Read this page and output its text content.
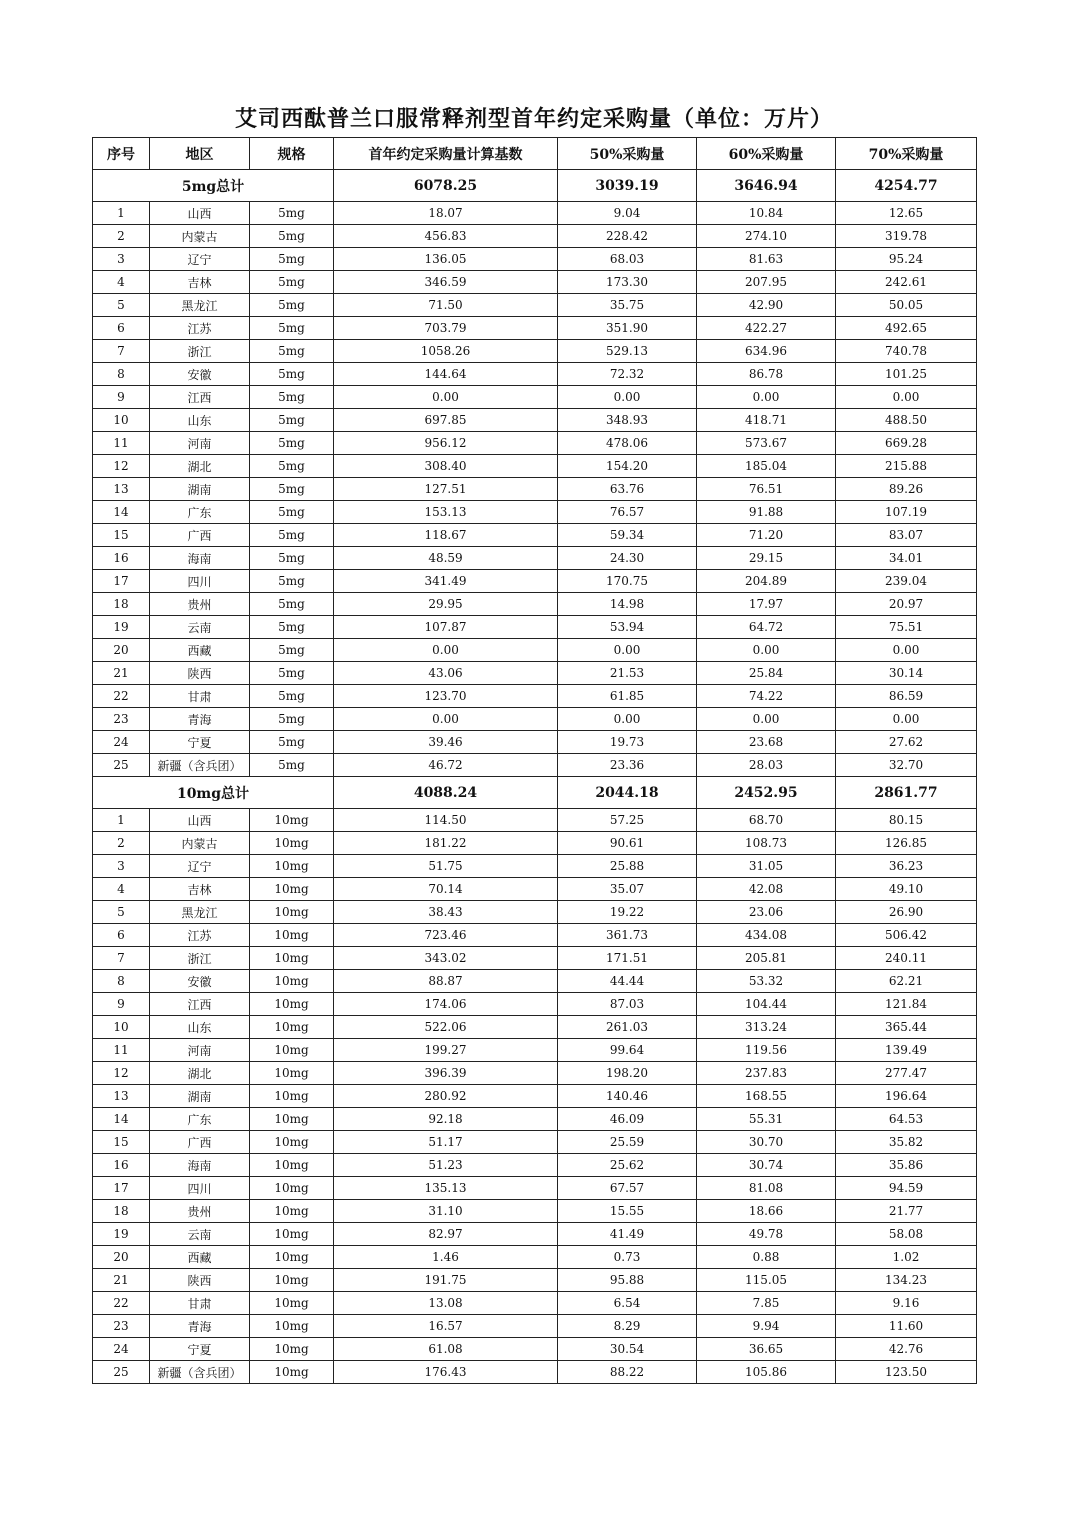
艾司西酞普兰口服常释剂型首年约定采购量（单位：万片）
序号	地区	规格	首年约定采购量计算基数	50%采购量	60%采购量	70%采购量
5mg总计			6078.25	3039.19	3646.94	4254.77
1	山西	5mg	18.07	9.04	10.84	12.65
2	内蒙古	5mg	456.83	228.42	274.10	319.78
3	辽宁	5mg	136.05	68.03	81.63	95.24
4	吉林	5mg	346.59	173.30	207.95	242.61
5	黑龙江	5mg	71.50	35.75	42.90	50.05
6	江苏	5mg	703.79	351.90	422.27	492.65
7	浙江	5mg	1058.26	529.13	634.96	740.78
8	安徽	5mg	144.64	72.32	86.78	101.25
9	江西	5mg	0.00	0.00	0.00	0.00
10	山东	5mg	697.85	348.93	418.71	488.50
11	河南	5mg	956.12	478.06	573.67	669.28
12	湖北	5mg	308.40	154.20	185.04	215.88
13	湖南	5mg	127.51	63.76	76.51	89.26
14	广东	5mg	153.13	76.57	91.88	107.19
15	广西	5mg	118.67	59.34	71.20	83.07
16	海南	5mg	48.59	24.30	29.15	34.01
17	四川	5mg	341.49	170.75	204.89	239.04
18	贵州	5mg	29.95	14.98	17.97	20.97
19	云南	5mg	107.87	53.94	64.72	75.51
20	西藏	5mg	0.00	0.00	0.00	0.00
21	陕西	5mg	43.06	21.53	25.84	30.14
22	甘肃	5mg	123.70	61.85	74.22	86.59
23	青海	5mg	0.00	0.00	0.00	0.00
24	宁夏	5mg	39.46	19.73	23.68	27.62
25	新疆（含兵团）	5mg	46.72	23.36	28.03	32.70
10mg总计			4088.24	2044.18	2452.95	2861.77
1	山西	10mg	114.50	57.25	68.70	80.15
2	内蒙古	10mg	181.22	90.61	108.73	126.85
3	辽宁	10mg	51.75	25.88	31.05	36.23
4	吉林	10mg	70.14	35.07	42.08	49.10
5	黑龙江	10mg	38.43	19.22	23.06	26.90
6	江苏	10mg	723.46	361.73	434.08	506.42
7	浙江	10mg	343.02	171.51	205.81	240.11
8	安徽	10mg	88.87	44.44	53.32	62.21
9	江西	10mg	174.06	87.03	104.44	121.84
10	山东	10mg	522.06	261.03	313.24	365.44
11	河南	10mg	199.27	99.64	119.56	139.49
12	湖北	10mg	396.39	198.20	237.83	277.47
13	湖南	10mg	280.92	140.46	168.55	196.64
14	广东	10mg	92.18	46.09	55.31	64.53
15	广西	10mg	51.17	25.59	30.70	35.82
16	海南	10mg	51.23	25.62	30.74	35.86
17	四川	10mg	135.13	67.57	81.08	94.59
18	贵州	10mg	31.10	15.55	18.66	21.77
19	云南	10mg	82.97	41.49	49.78	58.08
20	西藏	10mg	1.46	0.73	0.88	1.02
21	陕西	10mg	191.75	95.88	115.05	134.23
22	甘肃	10mg	13.08	6.54	7.85	9.16
23	青海	10mg	16.57	8.29	9.94	11.60
24	宁夏	10mg	61.08	30.54	36.65	42.76
25	新疆（含兵团）	10mg	176.43	88.22	105.86	123.50
